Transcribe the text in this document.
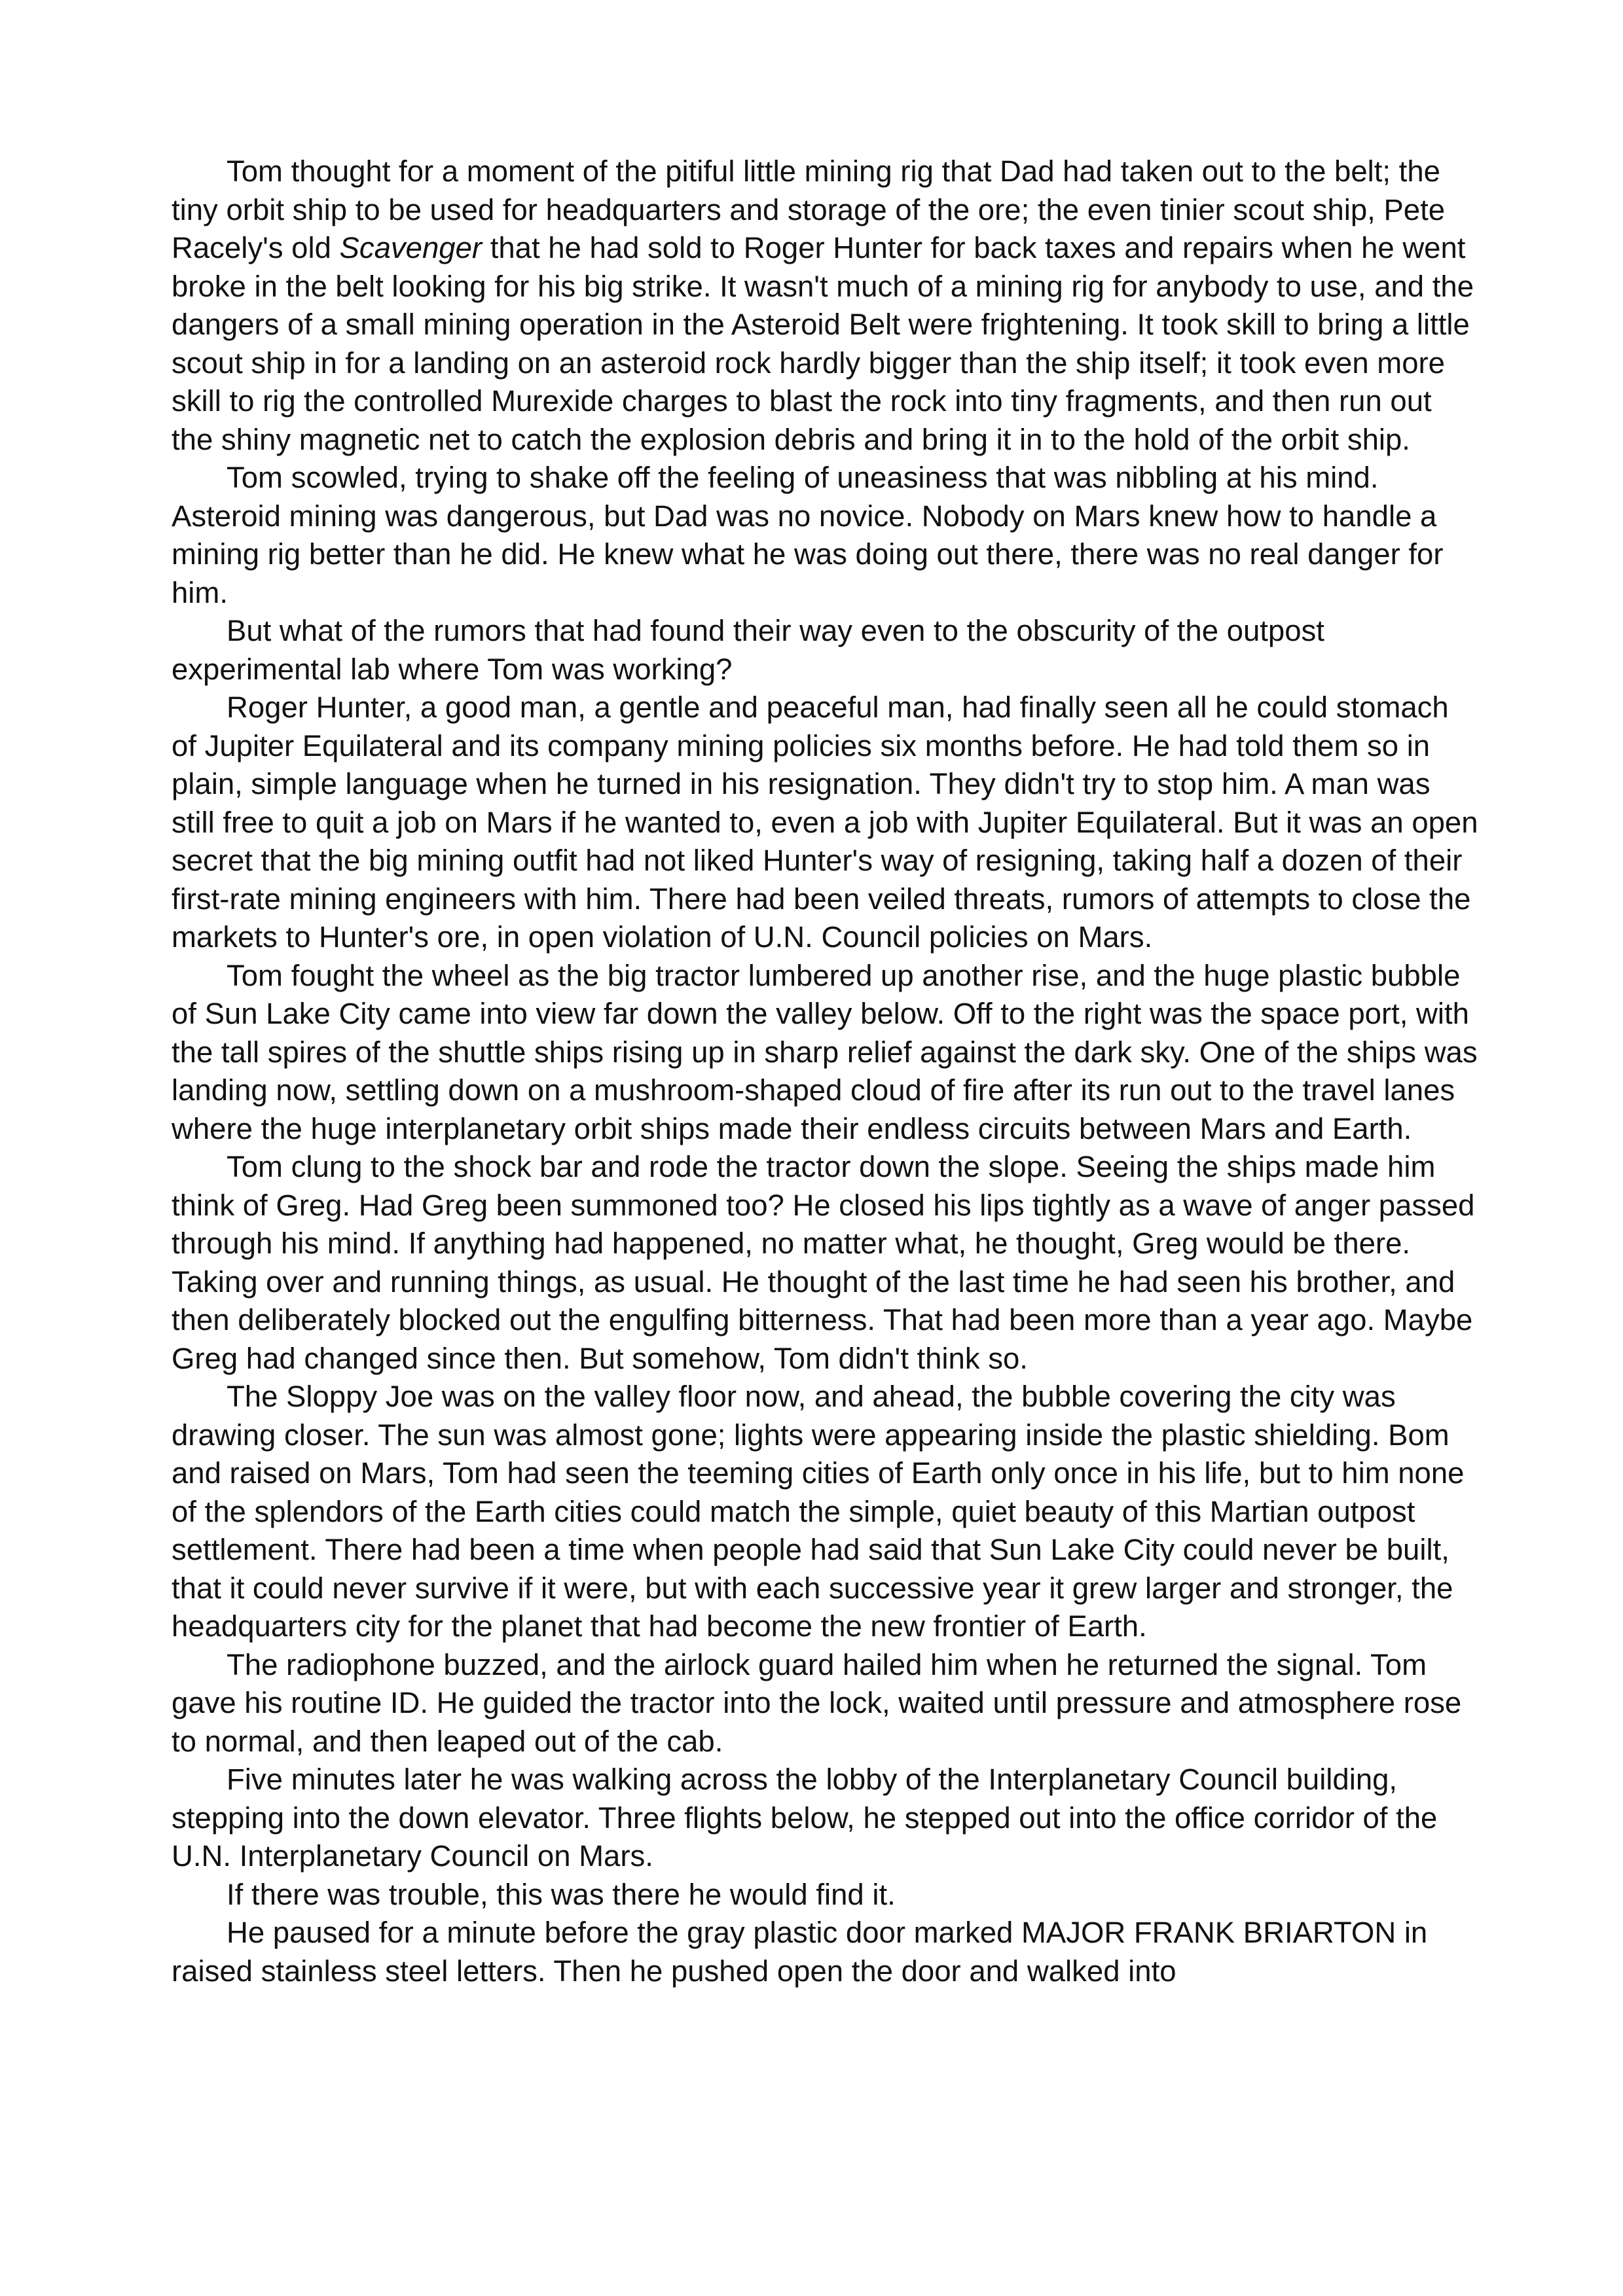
Tom thought for a moment of the pitiful little mining rig that Dad had taken out to the belt; the tiny orbit ship to be used for headquarters and storage of the ore; the even tinier scout ship, Pete Racely's old Scavenger that he had sold to Roger Hunter for back taxes and repairs when he went broke in the belt looking for his big strike. It wasn't much of a mining rig for anybody to use, and the dangers of a small mining operation in the Asteroid Belt were frightening. It took skill to bring a little scout ship in for a landing on an asteroid rock hardly bigger than the ship itself; it took even more skill to rig the controlled Murexide charges to blast the rock into tiny fragments, and then run out the shiny magnetic net to catch the explosion debris and bring it in to the hold of the orbit ship.

Tom scowled, trying to shake off the feeling of uneasiness that was nibbling at his mind. Asteroid mining was dangerous, but Dad was no novice. Nobody on Mars knew how to handle a mining rig better than he did. He knew what he was doing out there, there was no real danger for him.

But what of the rumors that had found their way even to the obscurity of the outpost experimental lab where Tom was working?

Roger Hunter, a good man, a gentle and peaceful man, had finally seen all he could stomach of Jupiter Equilateral and its company mining policies six months before. He had told them so in plain, simple language when he turned in his resignation. They didn't try to stop him. A man was still free to quit a job on Mars if he wanted to, even a job with Jupiter Equilateral. But it was an open secret that the big mining outfit had not liked Hunter's way of resigning, taking half a dozen of their first-rate mining engineers with him. There had been veiled threats, rumors of attempts to close the markets to Hunter's ore, in open violation of U.N. Council policies on Mars.

Tom fought the wheel as the big tractor lumbered up another rise, and the huge plastic bubble of Sun Lake City came into view far down the valley below. Off to the right was the space port, with the tall spires of the shuttle ships rising up in sharp relief against the dark sky. One of the ships was landing now, settling down on a mushroom-shaped cloud of fire after its run out to the travel lanes where the huge interplanetary orbit ships made their endless circuits between Mars and Earth.

Tom clung to the shock bar and rode the tractor down the slope. Seeing the ships made him think of Greg. Had Greg been summoned too? He closed his lips tightly as a wave of anger passed through his mind. If anything had happened, no matter what, he thought, Greg would be there. Taking over and running things, as usual. He thought of the last time he had seen his brother, and then deliberately blocked out the engulfing bitterness. That had been more than a year ago. Maybe Greg had changed since then. But somehow, Tom didn't think so.

The Sloppy Joe was on the valley floor now, and ahead, the bubble covering the city was drawing closer. The sun was almost gone; lights were appearing inside the plastic shielding. Bom and raised on Mars, Tom had seen the teeming cities of Earth only once in his life, but to him none of the splendors of the Earth cities could match the simple, quiet beauty of this Martian outpost settlement. There had been a time when people had said that Sun Lake City could never be built, that it could never survive if it were, but with each successive year it grew larger and stronger, the headquarters city for the planet that had become the new frontier of Earth.

The radiophone buzzed, and the airlock guard hailed him when he returned the signal. Tom gave his routine ID. He guided the tractor into the lock, waited until pressure and atmosphere rose to normal, and then leaped out of the cab.

Five minutes later he was walking across the lobby of the Interplanetary Council building, stepping into the down elevator. Three flights below, he stepped out into the office corridor of the U.N. Interplanetary Council on Mars.

If there was trouble, this was there he would find it.

He paused for a minute before the gray plastic door marked MAJOR FRANK BRIARTON in raised stainless steel letters. Then he pushed open the door and walked into
